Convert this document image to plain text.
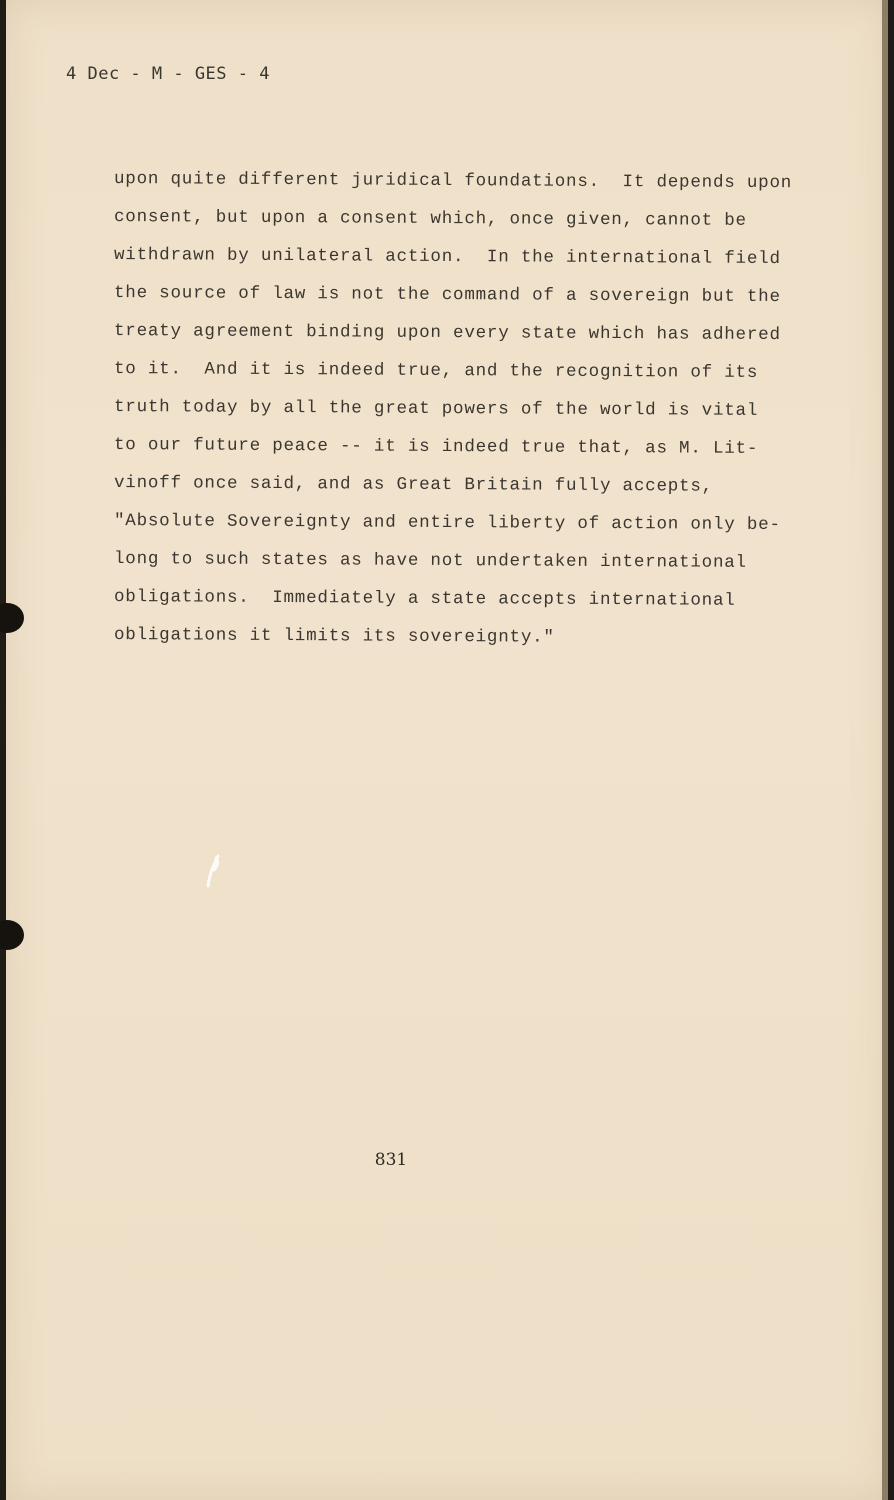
4 Dec - M - GES - 4
upon quite different juridical foundations.  It depends upon
consent, but upon a consent which, once given, cannot be
withdrawn by unilateral action.  In the international field
the source of law is not the command of a sovereign but the
treaty agreement binding upon every state which has adhered
to it.  And it is indeed true, and the recognition of its
truth today by all the great powers of the world is vital
to our future peace -- it is indeed true that, as M. Lit-
vinoff once said, and as Great Britain fully accepts,
"Absolute Sovereignty and entire liberty of action only be-
long to such states as have not undertaken international
obligations.  Immediately a state accepts international
obligations it limits its sovereignty."
831
